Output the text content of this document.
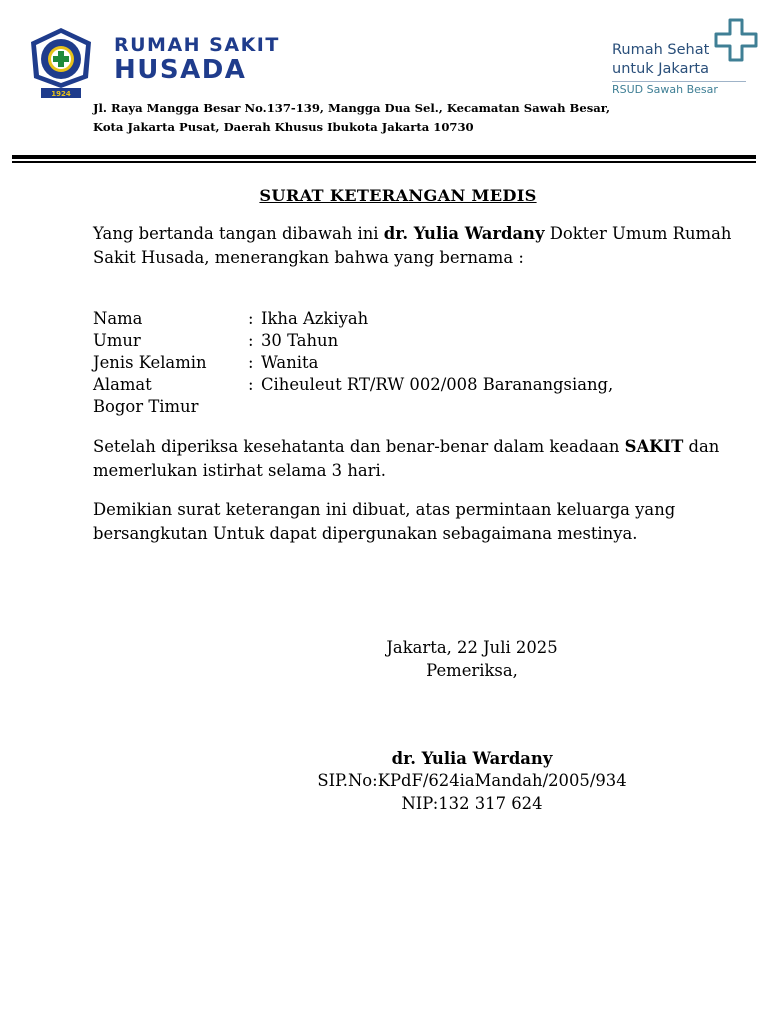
1924
RUMAH SAKIT
HUSADA
Rumah Sehat
untuk Jakarta
RSUD Sawah Besar
Jl. Raya Mangga Besar No.137-139, Mangga Dua Sel., Kecamatan Sawah Besar,
Kota Jakarta Pusat, Daerah Khusus Ibukota Jakarta 10730
SURAT KETERANGAN MEDIS
Yang bertanda tangan dibawah ini dr. Yulia Wardany Dokter Umum Rumah Sakit Husada, menerangkan bahwa yang bernama :
Nama	: Ikha Azkiyah
Umur	: 30 Tahun
Jenis Kelamin	: Wanita
Alamat	: Ciheuleut RT/RW 002/008 Baranangsiang,
Bogor Timur
Setelah diperiksa kesehatanta dan benar-benar dalam keadaan SAKIT dan memerlukan istirhat selama 3 hari.
Demikian surat keterangan ini dibuat, atas permintaan keluarga yang bersangkutan Untuk dapat dipergunakan sebagaimana mestinya.
Jakarta, 22 Juli 2025
Pemeriksa,
dr. Yulia Wardany
SIP.No:KPdF/624iaMandah/2005/934
NIP:132 317 624
